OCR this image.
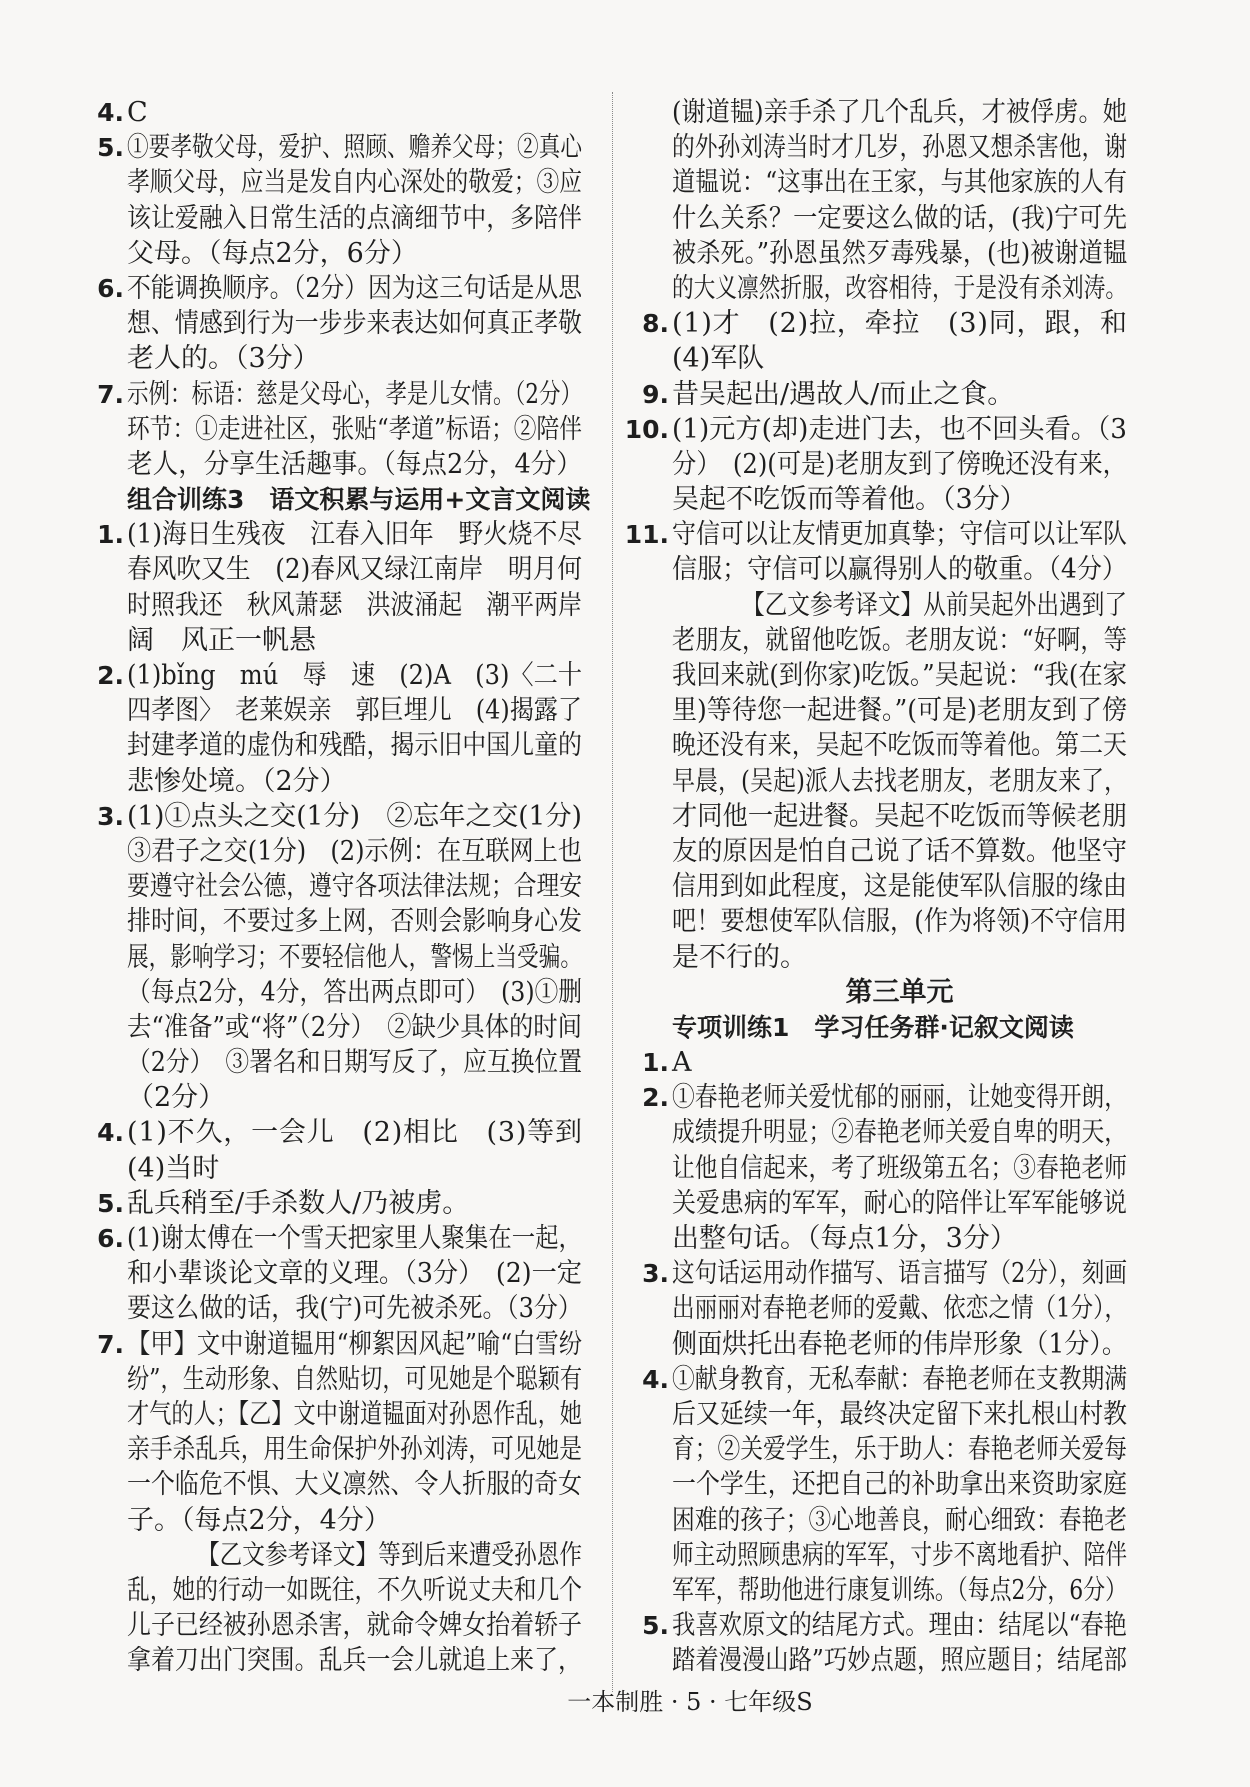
4. C
5. ①要孝敬父母，爱护、照顾、赡养父母；②真心
孝顺父母，应当是发自内心深处的敬爱；③应
该让爱融入日常生活的点滴细节中，多陪伴
父母。（每点2分，6分）
6. 不能调换顺序。（2分）因为这三句话是从思
想、情感到行为一步步来表达如何真正孝敬
老人的。（3分）
7. 示例：标语：慈是父母心，孝是儿女情。（2分）
环节：①走进社区，张贴“孝道”标语；②陪伴
老人，分享生活趣事。（每点2分，4分）
组合训练3　语文积累与运用+文言文阅读
1. (1)海日生残夜　江春入旧年　野火烧不尽
春风吹又生　(2)春风又绿江南岸　明月何
时照我还　秋风萧瑟　洪波涌起　潮平两岸
阔　风正一帆悬
2. (1)bǐng　mú　辱　速　(2)A　(3)〈二十
四孝图〉　老莱娱亲　郭巨埋儿　(4)揭露了
封建孝道的虚伪和残酷，揭示旧中国儿童的
悲惨处境。（2分）
3. (1)①点头之交(1分)　②忘年之交(1分)
③君子之交(1分)　(2)示例：在互联网上也
要遵守社会公德，遵守各项法律法规；合理安
排时间，不要过多上网，否则会影响身心发
展，影响学习；不要轻信他人，警惕上当受骗。
（每点2分，4分，答出两点即可）　(3)①删
去“准备”或“将”（2分）　②缺少具体的时间
（2分）　③署名和日期写反了，应互换位置
（2分）
4. (1)不久，一会儿　(2)相比　(3)等到
(4)当时
5. 乱兵稍至/手杀数人/乃被虏。
6. (1)谢太傅在一个雪天把家里人聚集在一起，
和小辈谈论文章的义理。（3分）　(2)一定
要这么做的话，我(宁)可先被杀死。（3分）
7. 【甲】文中谢道韫用“柳絮因风起”喻“白雪纷
纷”，生动形象、自然贴切，可见她是个聪颖有
才气的人；【乙】文中谢道韫面对孙恩作乱，她
亲手杀乱兵，用生命保护外孙刘涛，可见她是
一个临危不惧、大义凛然、令人折服的奇女
子。（每点2分，4分）
【乙文参考译文】等到后来遭受孙恩作
乱，她的行动一如既往，不久听说丈夫和几个
儿子已经被孙恩杀害，就命令婢女抬着轿子
拿着刀出门突围。乱兵一会儿就追上来了，
(谢道韫)亲手杀了几个乱兵，才被俘虏。她
的外孙刘涛当时才几岁，孙恩又想杀害他，谢
道韫说：“这事出在王家，与其他家族的人有
什么关系？一定要这么做的话，(我)宁可先
被杀死。”孙恩虽然歹毒残暴，(也)被谢道韫
的大义凛然折服，改容相待，于是没有杀刘涛。
8. (1)才　(2)拉，牵拉　(3)同，跟，和
(4)军队
9. 昔吴起出/遇故人/而止之食。
10. (1)元方(却)走进门去，也不回头看。（3
分）　(2)(可是)老朋友到了傍晚还没有来，
吴起不吃饭而等着他。（3分）
11. 守信可以让友情更加真挚；守信可以让军队
信服；守信可以赢得别人的敬重。（4分）
【乙文参考译文】从前吴起外出遇到了
老朋友，就留他吃饭。老朋友说：“好啊，等
我回来就(到你家)吃饭。”吴起说：“我(在家
里)等待您一起进餐。”(可是)老朋友到了傍
晚还没有来，吴起不吃饭而等着他。第二天
早晨，(吴起)派人去找老朋友，老朋友来了，
才同他一起进餐。吴起不吃饭而等候老朋
友的原因是怕自己说了话不算数。他坚守
信用到如此程度，这是能使军队信服的缘由
吧！要想使军队信服，(作为将领)不守信用
是不行的。
第三单元
专项训练1　学习任务群·记叙文阅读
1. A
2. ①春艳老师关爱忧郁的丽丽，让她变得开朗，
成绩提升明显；②春艳老师关爱自卑的明天，
让他自信起来，考了班级第五名；③春艳老师
关爱患病的军军，耐心的陪伴让军军能够说
出整句话。（每点1分，3分）
3. 这句话运用动作描写、语言描写（2分），刻画
出丽丽对春艳老师的爱戴、依恋之情（1分），
侧面烘托出春艳老师的伟岸形象（1分）。
4. ①献身教育，无私奉献：春艳老师在支教期满
后又延续一年，最终决定留下来扎根山村教
育；②关爱学生，乐于助人：春艳老师关爱每
一个学生，还把自己的补助拿出来资助家庭
困难的孩子；③心地善良，耐心细致：春艳老
师主动照顾患病的军军，寸步不离地看护、陪伴
军军，帮助他进行康复训练。（每点2分，6分）
5. 我喜欢原文的结尾方式。理由：结尾以“春艳
踏着漫漫山路”巧妙点题，照应题目；结尾部
一本制胜 · 5 · 七年级S
